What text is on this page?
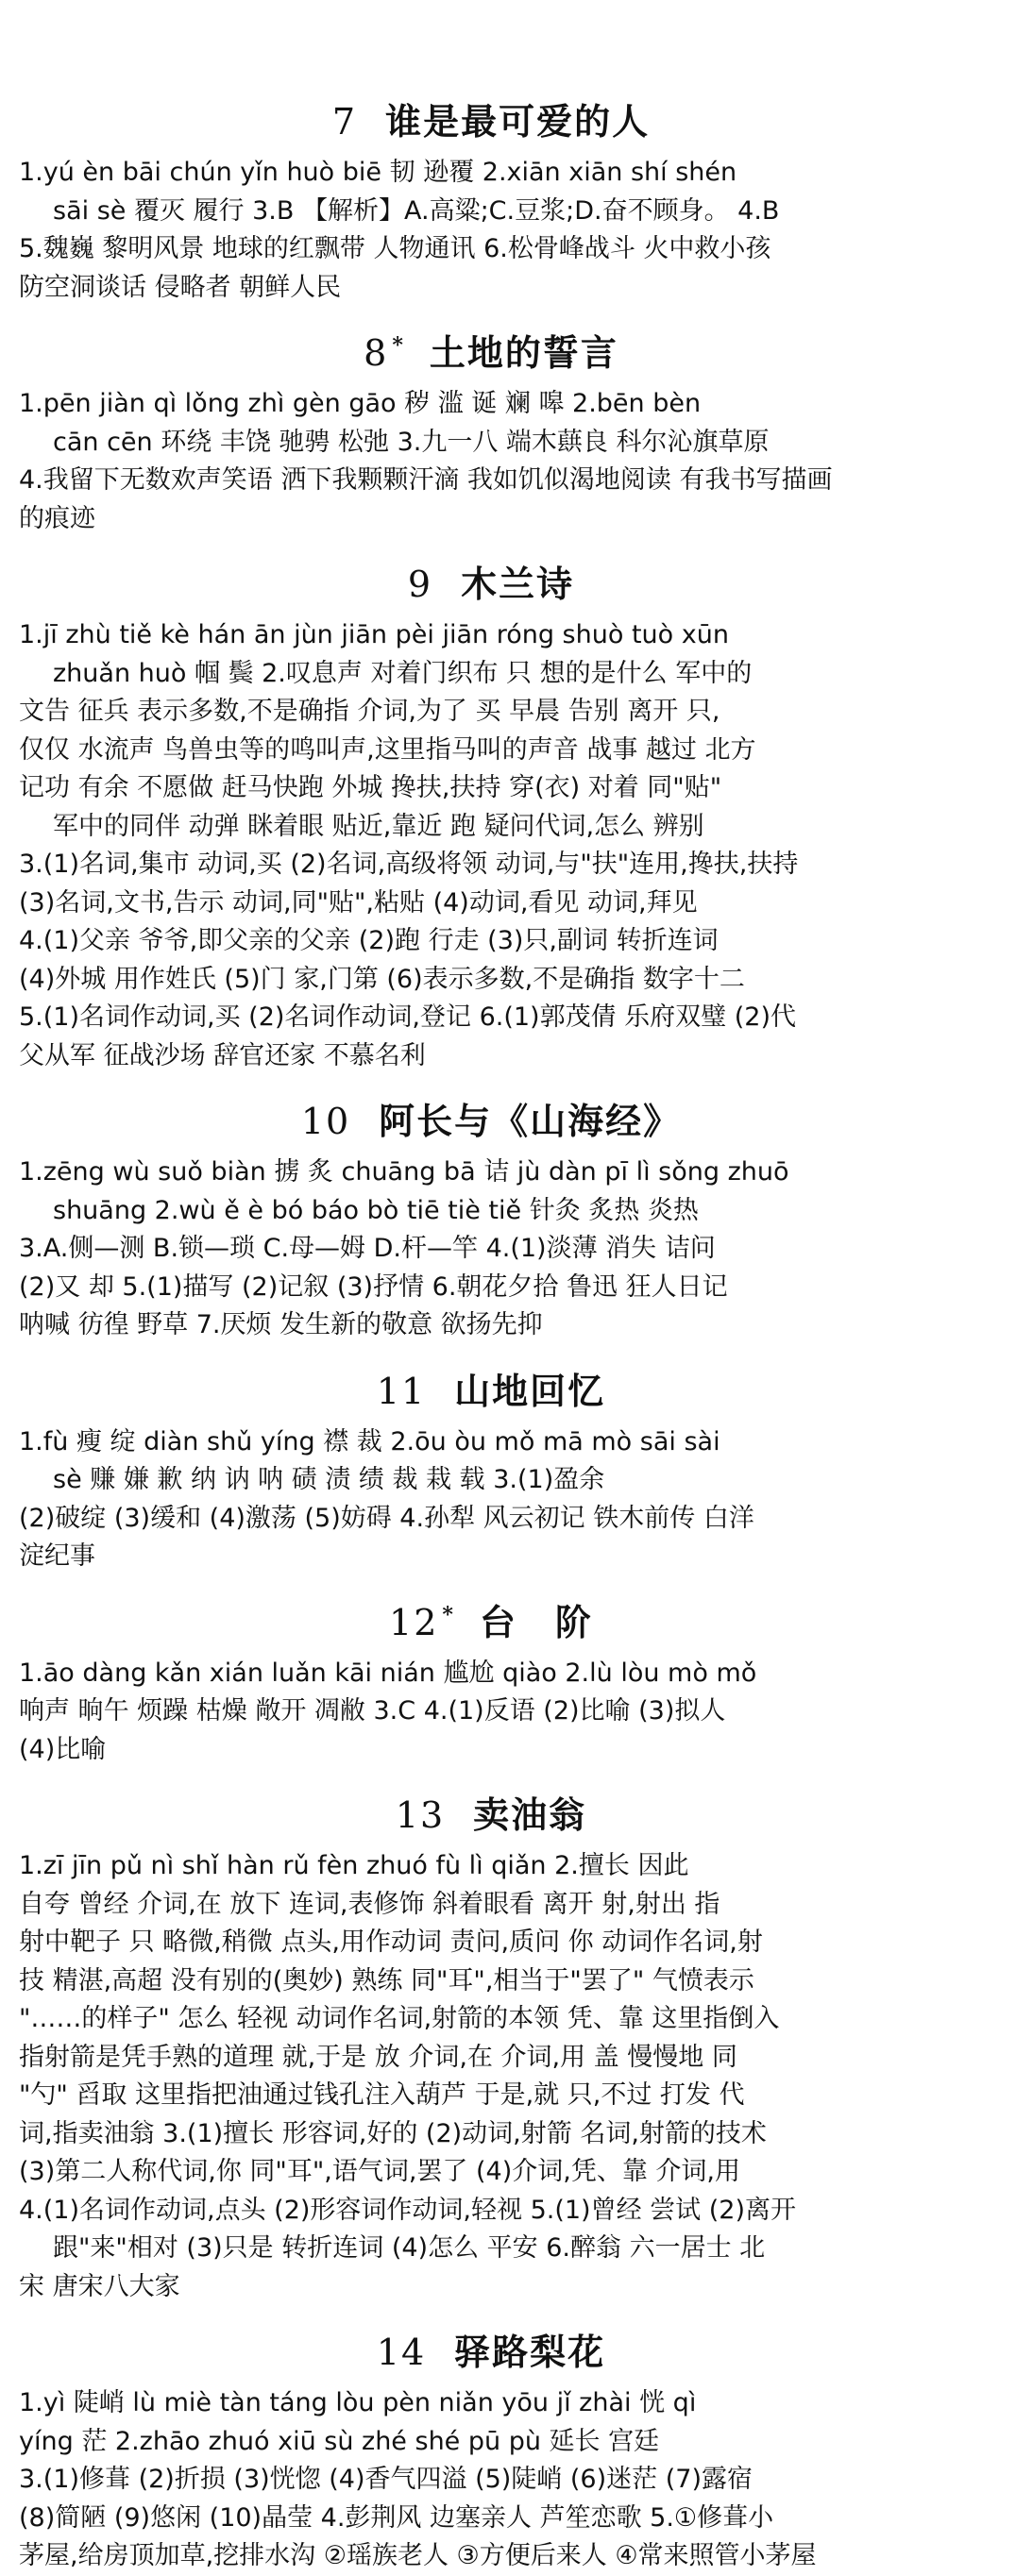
7 谁是最可爱的人
1.yú èn bāi chún yǐn huò biē 韧 逊覆 2.xiān xiān shí shén
sāi sè 覆灭 履行 3.B 【解析】A.高粱;C.豆浆;D.奋不顾身。 4.B
5.魏巍 黎明风景 地球的红飘带 人物通讯 6.松骨峰战斗 火中救小孩
防空洞谈话 侵略者 朝鲜人民
8 * 土地的誓言
1.pēn jiàn qì lǒng zhì gèn gāo 秽 滥 诞 斓 嗥 2.bēn bèn
cān cēn 环绕 丰饶 驰骋 松弛 3.九一八 端木蕻良 科尔沁旗草原
4.我留下无数欢声笑语 洒下我颗颗汗滴 我如饥似渴地阅读 有我书写描画
的痕迹
9 木兰诗
1.jī zhù tiě kè hán ān jùn jiān pèi jiān róng shuò tuò xūn
zhuǎn huò 帼 鬓 2.叹息声 对着门织布 只 想的是什么 军中的
文告 征兵 表示多数,不是确指 介词,为了 买 早晨 告别 离开 只,
仅仅 水流声 鸟兽虫等的鸣叫声,这里指马叫的声音 战事 越过 北方
记功 有余 不愿做 赶马快跑 外城 搀扶,扶持 穿(衣) 对着 同"贴"
军中的同伴 动弹 眯着眼 贴近,靠近 跑 疑问代词,怎么 辨别
3.(1)名词,集市 动词,买 (2)名词,高级将领 动词,与"扶"连用,搀扶,扶持
(3)名词,文书,告示 动词,同"贴",粘贴 (4)动词,看见 动词,拜见
4.(1)父亲 爷爷,即父亲的父亲 (2)跑 行走 (3)只,副词 转折连词
(4)外城 用作姓氏 (5)门 家,门第 (6)表示多数,不是确指 数字十二
5.(1)名词作动词,买 (2)名词作动词,登记 6.(1)郭茂倩 乐府双璧 (2)代
父从军 征战沙场 辞官还家 不慕名利
10 阿长与《山海经》
1.zēng wù suǒ biàn 掳 炙 chuāng bā 诘 jù dàn pī lì sǒng zhuō
shuāng 2.wù ě è bó báo bò tiē tiè tiě 针灸 炙热 炎热
3.A.侧—测 B.锁—琐 C.母—姆 D.杆—竿 4.(1)淡薄 消失 诘问
(2)又 却 5.(1)描写 (2)记叙 (3)抒情 6.朝花夕拾 鲁迅 狂人日记
呐喊 彷徨 野草 7.厌烦 发生新的敬意 欲扬先抑
11 山地回忆
1.fù 瘦 绽 diàn shǔ yíng 襟 裁 2.ōu òu mǒ mā mò sāi sài
sè 赚 嫌 歉 纳 讷 呐 碛 渍 绩 裁 栽 载 3.(1)盈余
(2)破绽 (3)缓和 (4)激荡 (5)妨碍 4.孙犁 风云初记 铁木前传 白洋
淀纪事
12 * 台　阶
1.āo dàng kǎn xián luǎn kāi nián 尴尬 qiào 2.lù lòu mò mǒ
响声 晌午 烦躁 枯燥 敞开 凋敝 3.C 4.(1)反语 (2)比喻 (3)拟人
(4)比喻
13 卖油翁
1.zī jīn pǔ nì shǐ hàn rǔ fèn zhuó fù lì qiǎn 2.擅长 因此
自夸 曾经 介词,在 放下 连词,表修饰 斜着眼看 离开 射,射出 指
射中靶子 只 略微,稍微 点头,用作动词 责问,质问 你 动词作名词,射
技 精湛,高超 没有别的(奥妙) 熟练 同"耳",相当于"罢了" 气愤表示
"……的样子" 怎么 轻视 动词作名词,射箭的本领 凭、靠 这里指倒入
指射箭是凭手熟的道理 就,于是 放 介词,在 介词,用 盖 慢慢地 同
"勺" 舀取 这里指把油通过钱孔注入葫芦 于是,就 只,不过 打发 代
词,指卖油翁 3.(1)擅长 形容词,好的 (2)动词,射箭 名词,射箭的技术
(3)第二人称代词,你 同"耳",语气词,罢了 (4)介词,凭、靠 介词,用
4.(1)名词作动词,点头 (2)形容词作动词,轻视 5.(1)曾经 尝试 (2)离开
跟"来"相对 (3)只是 转折连词 (4)怎么 平安 6.醉翁 六一居士 北
宋 唐宋八大家
14 驿路梨花
1.yì 陡峭 lù miè tàn táng lòu pèn niǎn yōu jǐ zhài 恍 qì
yíng 茫 2.zhāo zhuó xiū sù zhé shé pū pù 延长 宫廷
3.(1)修葺 (2)折损 (3)恍惚 (4)香气四溢 (5)陡峭 (6)迷茫 (7)露宿
(8)简陋 (9)悠闲 (10)晶莹 4.彭荆风 边塞亲人 芦笙恋歌 5.①修葺小
茅屋,给房顶加草,挖排水沟 ②瑶族老人 ③方便后来人 ④常来照管小茅屋
